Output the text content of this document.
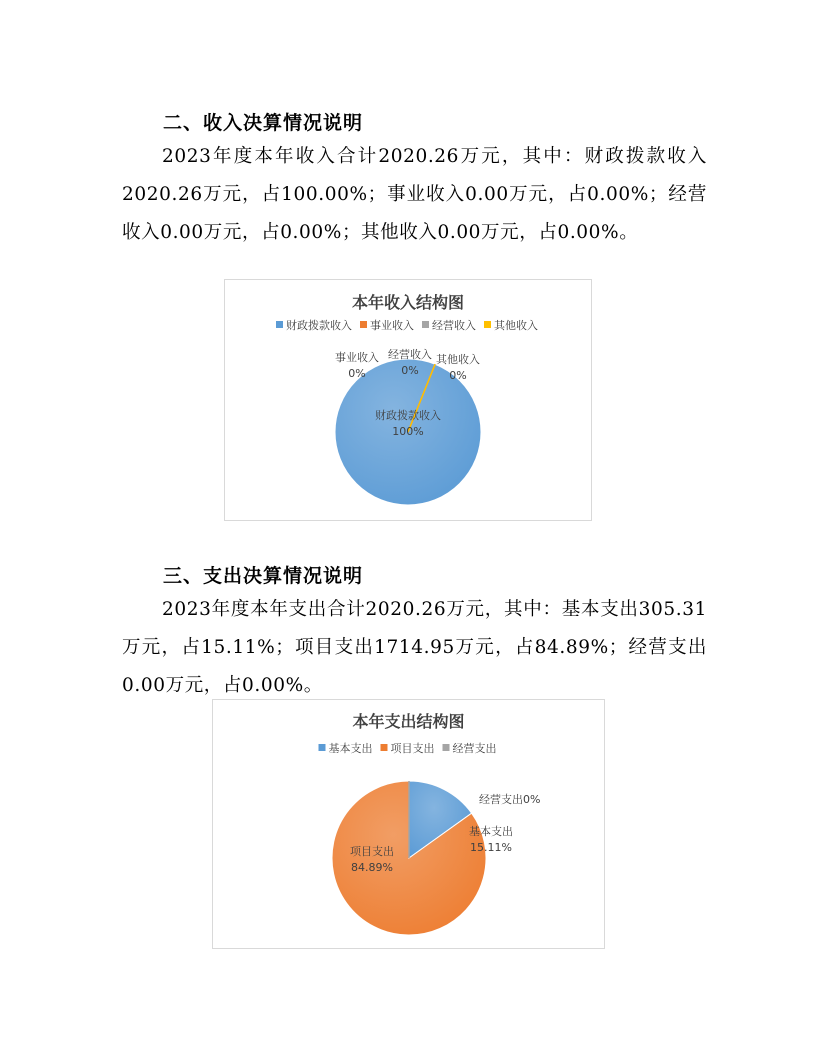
二、收入决算情况说明

2023年度本年收入合计2020.26万元，其中：财政拨款收入2020.26万元，占100.00%；事业收入0.00万元，占0.00%；经营收入0.00万元，占0.00%；其他收入0.00万元，占0.00%。

本年收入结构图
财政拨款收入 事业收入 经营收入 其他收入
财政拨款收入
100%
事业收入
0%
经营收入
0%
其他收入
0%
三、支出决算情况说明

2023年度本年支出合计2020.26万元，其中：基本支出305.31万元，占15.11%；项目支出1714.95万元，占84.89%；经营支出0.00万元，占0.00%。

本年支出结构图
基本支出 项目支出 经营支出
基本支出
15.11%
项目支出
84.89%
经营支出0%
